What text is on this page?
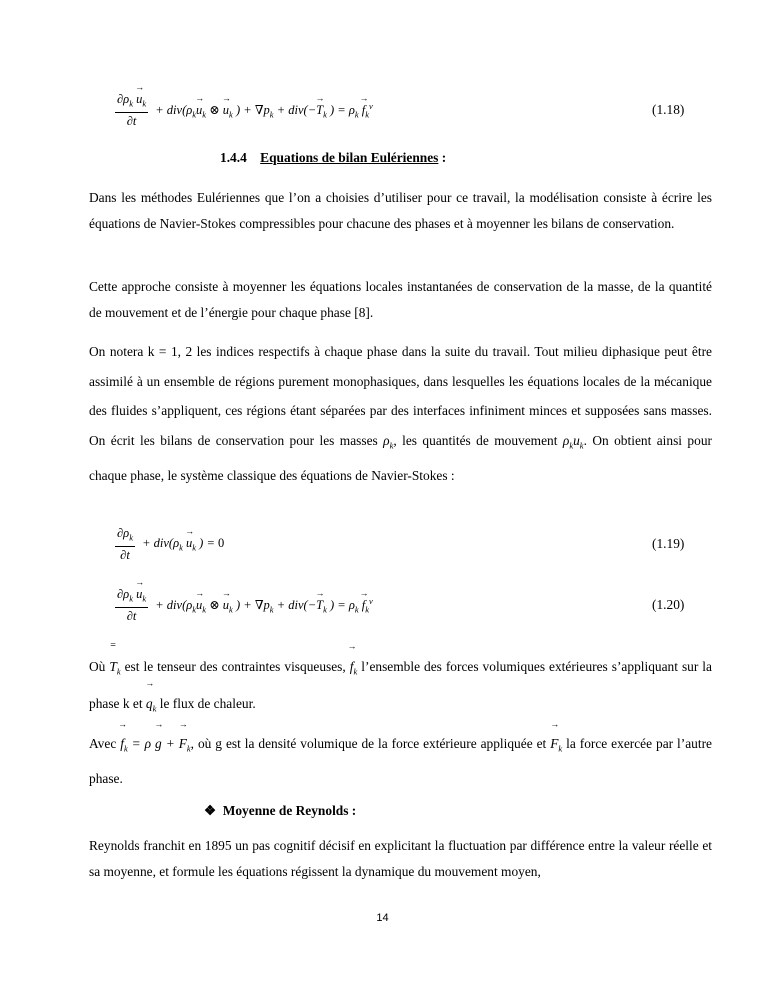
$\frac{\partial\rho_k \to u_k}{\partial t} + div(\rho_k\to u_k$ ⊗ → $u_k$ ) + $\nabla p_k + div(-\to T_k$ ) = $\rho_k \to f_k^v$	(1.18)
1.4.4 Equations de bilan Eulériennes :

Dans les méthodes Eulériennes que l’on a choisies d’utiliser pour ce travail, la modélisation consiste à écrire les équations de Navier-Stokes compressibles pour chacune des phases et à moyenner les bilans de conservation.

Cette approche consiste à moyenner les équations locales instantanées de conservation de la masse, de la quantité de mouvement et de l’énergie pour chaque phase [8].

On notera k = 1, 2 les indices respectifs à chaque phase dans la suite du travail. Tout milieu diphasique peut être assimilé à un ensemble de régions purement monophasiques, dans lesquelles les équations locales de la mécanique des fluides s’appliquent, ces régions étant séparées par des interfaces infiniment minces et supposées sans masses. On écrit les bilans de conservation pour les masses $\rho_k$, les quantités de mouvement $\rho_ku_k$. On obtient ainsi pour chaque phase, le système classique des équations de Navier-Stokes :

$\frac{\partial\rho_k}{\partial t} + div(\rho_k \to u_k$ ) = 0	(1.19)
$\frac{\partial\rho_k \to u_k}{\partial t} + div(\rho_k\to u_k$ ⊗ → $u_k$ ) + $\nabla p_k + div(-\to T_k$ ) = $\rho_k \to f_k^v$	(1.20)

Où = $T_k$ est le tenseur des contraintes visqueuses, → $f_k$ l’ensemble des forces volumiques extérieures s’appliquant sur la phase k et → $q_k$ le flux de chaleur.

Avec → $f_k = \rho \to g$ + → $F_k$, où g est la densité volumique de la force extérieure appliquée et → $F_k$ la force exercée par l’autre phase.

❖ Moyenne de Reynolds :

Reynolds franchit en 1895 un pas cognitif décisif en explicitant la fluctuation par différence entre la valeur réelle et sa moyenne, et formule les équations régissent la dynamique du mouvement moyen,

14
